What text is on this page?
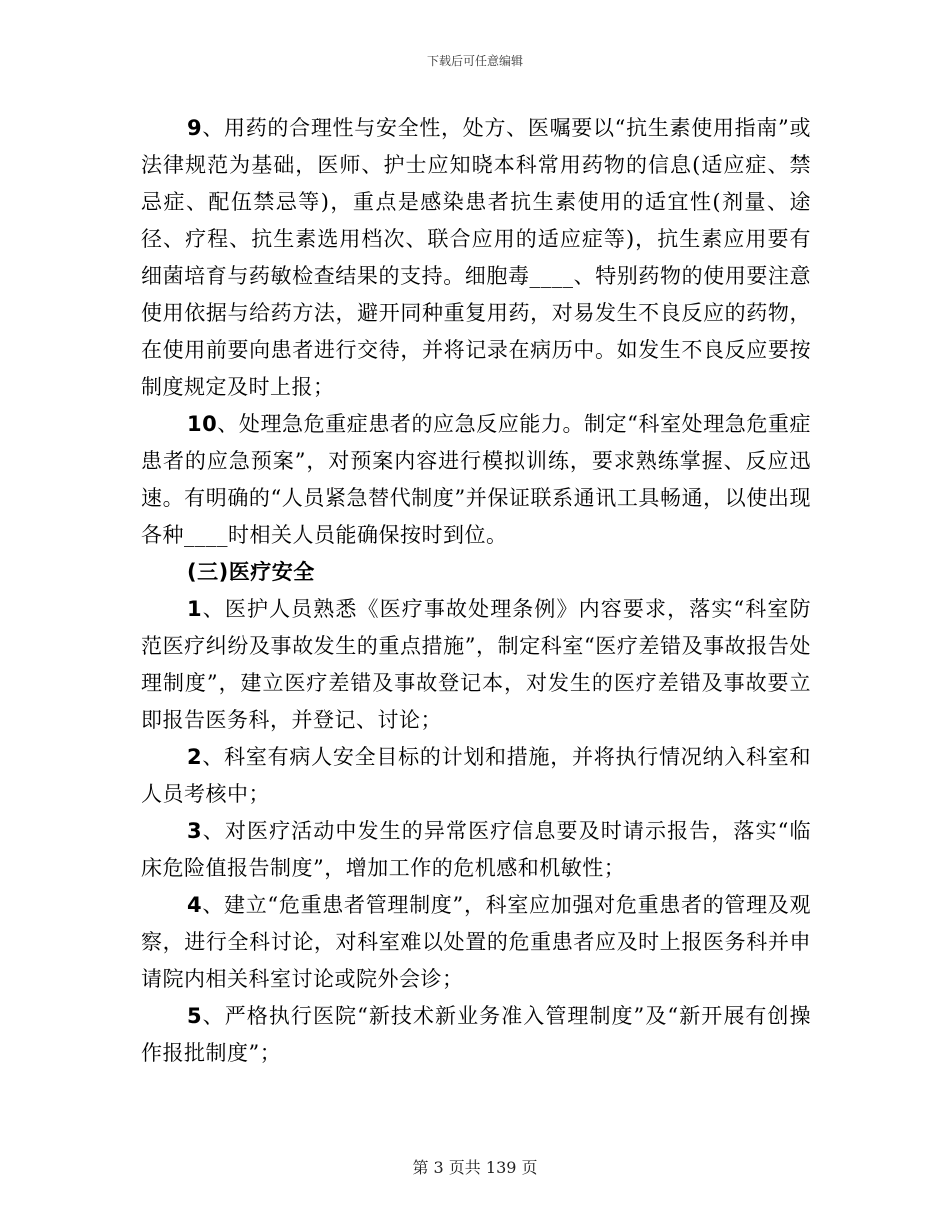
下载后可任意编辑

9、用药的合理性与安全性，处方、医嘱要以“抗生素使用指南”或法律规范为基础，医师、护士应知晓本科常用药物的信息(适应症、禁忌症、配伍禁忌等)，重点是感染患者抗生素使用的适宜性(剂量、途径、疗程、抗生素选用档次、联合应用的适应症等)，抗生素应用要有细菌培育与药敏检查结果的支持。细胞毒____、特别药物的使用要注意使用依据与给药方法，避开同种重复用药，对易发生不良反应的药物，在使用前要向患者进行交待，并将记录在病历中。如发生不良反应要按制度规定及时上报；

10、处理急危重症患者的应急反应能力。制定“科室处理急危重症患者的应急预案”，对预案内容进行模拟训练，要求熟练掌握、反应迅速。有明确的“人员紧急替代制度”并保证联系通讯工具畅通，以使出现各种____时相关人员能确保按时到位。

(三)医疗安全

1、医护人员熟悉《医疗事故处理条例》内容要求，落实“科室防范医疗纠纷及事故发生的重点措施”，制定科室“医疗差错及事故报告处理制度”，建立医疗差错及事故登记本，对发生的医疗差错及事故要立即报告医务科，并登记、讨论；

2、科室有病人安全目标的计划和措施，并将执行情况纳入科室和人员考核中；

3、对医疗活动中发生的异常医疗信息要及时请示报告，落实“临床危险值报告制度”，增加工作的危机感和机敏性；

4、建立“危重患者管理制度”，科室应加强对危重患者的管理及观察，进行全科讨论，对科室难以处置的危重患者应及时上报医务科并申请院内相关科室讨论或院外会诊；

5、严格执行医院“新技术新业务准入管理制度”及“新开展有创操作报批制度”；

第 3 页共 139 页
